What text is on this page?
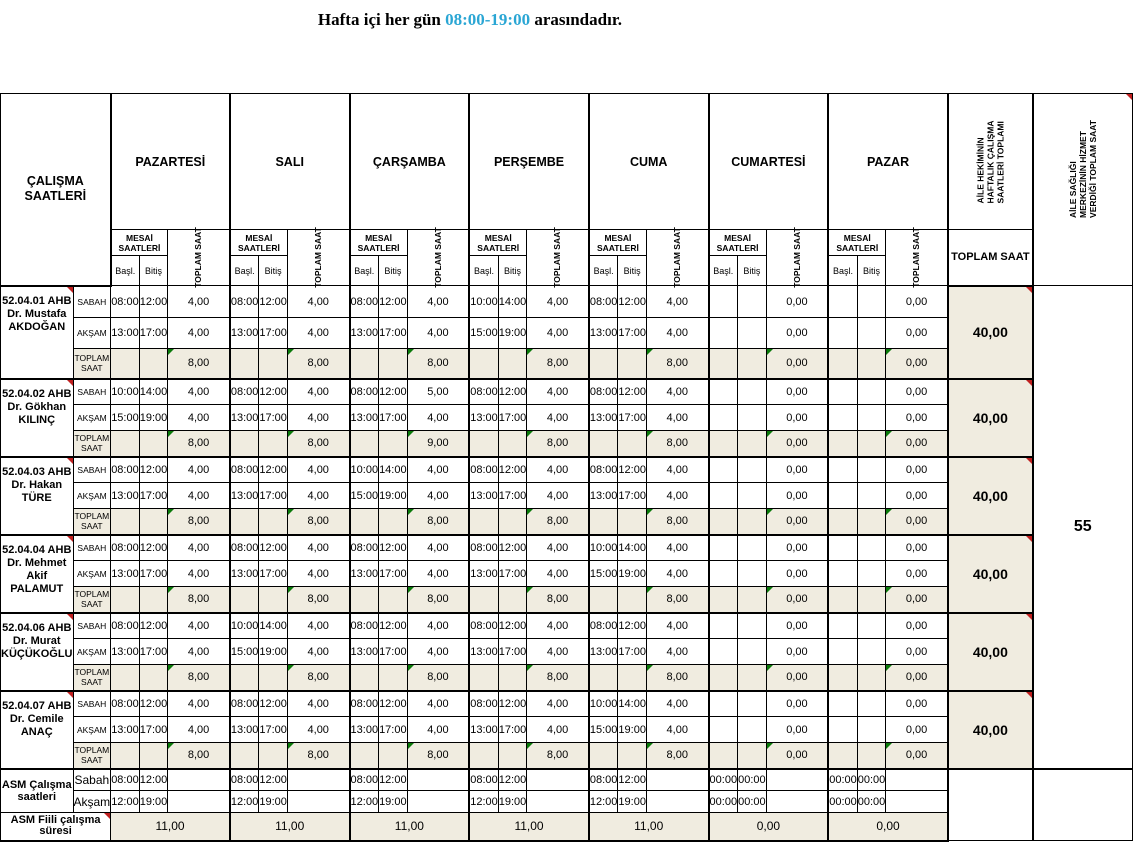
Hafta içi her gün 08:00-19:00 arasındadır.
ÇALIŞMA SAATLERİ		PAZARTESİ			SALI			ÇARŞAMBA			PERŞEMBE			CUMA			CUMARTESİ			PAZAR			AİLE HEKİMİNİN
HAFTALIK ÇALIŞMA
SAATLERİ TOPLAMI	AİLE SAĞLIĞI
MERKEZİNİN HİZMET
VERDİĞİ TOPLAM SAAT
		MESAİ SAATLERİ		TOPLAM SAAT	MESAİ SAATLERİ		TOPLAM SAAT	MESAİ SAATLERİ		TOPLAM SAAT	MESAİ SAATLERİ		TOPLAM SAAT	MESAİ SAATLERİ		TOPLAM SAAT	MESAİ SAATLERİ		TOPLAM SAAT	MESAİ SAATLERİ		TOPLAM SAAT	TOPLAM SAAT	
		Başl.	Bitiş		Başl.	Bitiş		Başl.	Bitiş		Başl.	Bitiş		Başl.	Bitiş		Başl.	Bitiş		Başl.	Bitiş			

52.04.01 AHB
Dr. Mustafa AKDOĞAN	SABAH	08:00	12:00	4,00	08:00	12:00	4,00	08:00	12:00	4,00	10:00	14:00	4,00	08:00	12:00	4,00			0,00			0,00	40,00	55
	AKŞAM	13:00	17:00	4,00	13:00	17:00	4,00	13:00	17:00	4,00	15:00	19:00	4,00	13:00	17:00	4,00			0,00			0,00		
	TOPLAM SAAT			8,00			8,00			8,00			8,00			8,00			0,00			0,00		

52.04.02 AHB
Dr. Gökhan KILINÇ	SABAH	10:00	14:00	4,00	08:00	12:00	4,00	08:00	12:00	5,00	08:00	12:00	4,00	08:00	12:00	4,00			0,00			0,00	40,00	
	AKŞAM	15:00	19:00	4,00	13:00	17:00	4,00	13:00	17:00	4,00	13:00	17:00	4,00	13:00	17:00	4,00			0,00			0,00		
	TOPLAM SAAT			8,00			8,00			9,00			8,00			8,00			0,00			0,00		

52.04.03 AHB
Dr. Hakan TÜRE	SABAH	08:00	12:00	4,00	08:00	12:00	4,00	10:00	14:00	4,00	08:00	12:00	4,00	08:00	12:00	4,00			0,00			0,00	40,00	
	AKŞAM	13:00	17:00	4,00	13:00	17:00	4,00	15:00	19:00	4,00	13:00	17:00	4,00	13:00	17:00	4,00			0,00			0,00		
	TOPLAM SAAT			8,00			8,00			8,00			8,00			8,00			0,00			0,00		

52.04.04 AHB
Dr. Mehmet Akif PALAMUT	SABAH	08:00	12:00	4,00	08:00	12:00	4,00	08:00	12:00	4,00	08:00	12:00	4,00	10:00	14:00	4,00			0,00			0,00	40,00	
	AKŞAM	13:00	17:00	4,00	13:00	17:00	4,00	13:00	17:00	4,00	13:00	17:00	4,00	15:00	19:00	4,00			0,00			0,00		
	TOPLAM SAAT			8,00			8,00			8,00			8,00			8,00			0,00			0,00		

52.04.06 AHB
Dr. Murat KÜÇÜKOĞLU	SABAH	08:00	12:00	4,00	10:00	14:00	4,00	08:00	12:00	4,00	08:00	12:00	4,00	08:00	12:00	4,00			0,00			0,00	40,00	
	AKŞAM	13:00	17:00	4,00	15:00	19:00	4,00	13:00	17:00	4,00	13:00	17:00	4,00	13:00	17:00	4,00			0,00			0,00		
	TOPLAM SAAT			8,00			8,00			8,00			8,00			8,00			0,00			0,00		

52.04.07 AHB
Dr. Cemile ANAÇ	SABAH	08:00	12:00	4,00	08:00	12:00	4,00	08:00	12:00	4,00	08:00	12:00	4,00	10:00	14:00	4,00			0,00			0,00	40,00	
	AKŞAM	13:00	17:00	4,00	13:00	17:00	4,00	13:00	17:00	4,00	13:00	17:00	4,00	15:00	19:00	4,00			0,00			0,00		
	TOPLAM SAAT			8,00			8,00			8,00			8,00			8,00			0,00			0,00		
ASM Çalışma saatleri	Sabah	08:00	12:00		08:00	12:00		08:00	12:00		08:00	12:00		08:00	12:00		00:00	00:00		00:00	00:00			
	Akşam	12:00	19:00		12:00	19:00		12:00	19:00		12:00	19:00		12:00	19:00		00:00	00:00		00:00	00:00			
ASM Fiili çalışma süresi		11,00			11,00			11,00			11,00			11,00			0,00			0,00				
